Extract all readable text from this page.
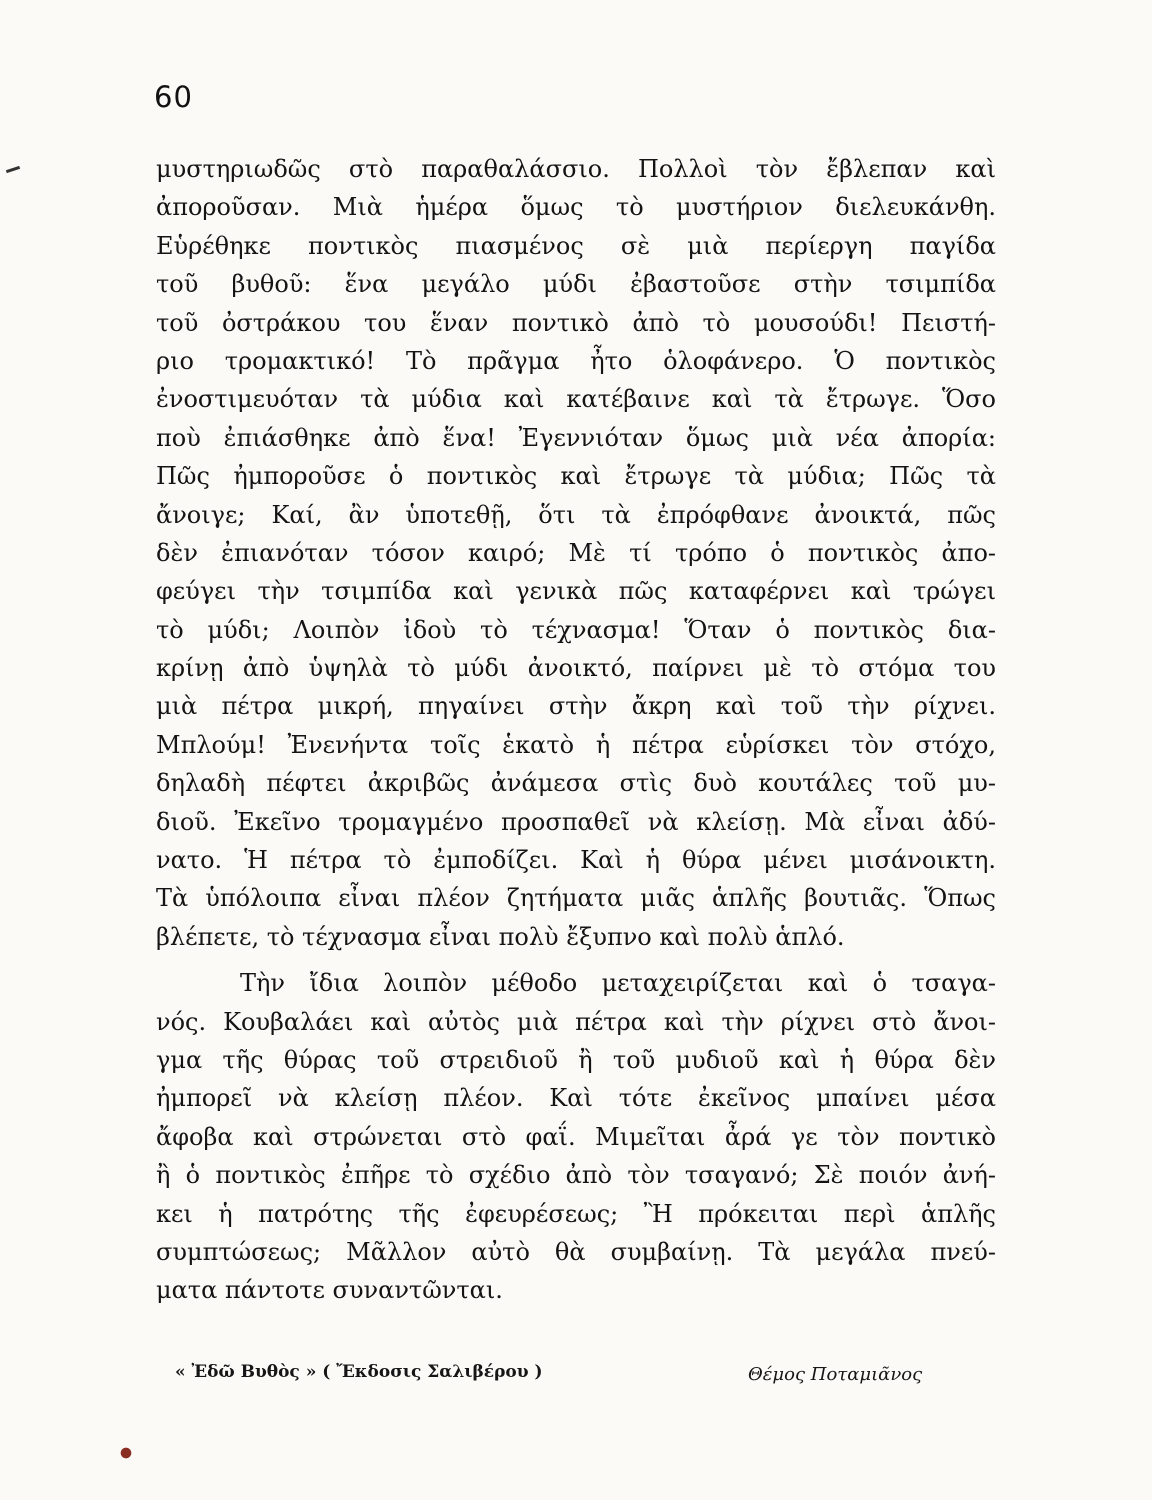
60
μυστηριωδῶς στὸ παραθαλάσσιο. Πολλοὶ τὸν ἔβλεπαν καὶ
ἀποροῦσαν. Μιὰ ἡμέρα ὅμως τὸ μυστήριον διελευκάνθη.
Εὑρέθηκε ποντικὸς πιασμένος σὲ μιὰ περίεργη παγίδα
τοῦ βυθοῦ: ἕνα μεγάλο μύδι ἐβαστοῦσε στὴν τσιμπίδα
τοῦ ὀστράκου του ἕναν ποντικὸ ἀπὸ τὸ μουσούδι! Πειστή-
ριο τρομακτικό! Τὸ πρᾶγμα ἦτο ὁλοφάνερο. Ὁ ποντικὸς
ἐνοστιμευόταν τὰ μύδια καὶ κατέβαινε καὶ τὰ ἔτρωγε. Ὅσο
ποὺ ἐπιάσθηκε ἀπὸ ἕνα! Ἐγεννιόταν ὅμως μιὰ νέα ἀπορία:
Πῶς ἠμποροῦσε ὁ ποντικὸς καὶ ἔτρωγε τὰ μύδια; Πῶς τὰ
ἄνοιγε; Καί, ἂν ὑποτεθῇ, ὅτι τὰ ἐπρόφθανε ἀνοικτά, πῶς
δὲν ἐπιανόταν τόσον καιρό; Μὲ τί τρόπο ὁ ποντικὸς ἀπο-
φεύγει τὴν τσιμπίδα καὶ γενικὰ πῶς καταφέρνει καὶ τρώγει
τὸ μύδι; Λοιπὸν ἰδοὺ τὸ τέχνασμα! Ὅταν ὁ ποντικὸς δια-
κρίνῃ ἀπὸ ὑψηλὰ τὸ μύδι ἀνοικτό, παίρνει μὲ τὸ στόμα του
μιὰ πέτρα μικρή, πηγαίνει στὴν ἄκρη καὶ τοῦ τὴν ρίχνει.
Μπλούμ! Ἐνενήντα τοῖς ἑκατὸ ἡ πέτρα εὑρίσκει τὸν στόχο,
δηλαδὴ πέφτει ἀκριβῶς ἀνάμεσα στὶς δυὸ κουτάλες τοῦ μυ-
διοῦ. Ἐκεῖνο τρομαγμένο προσπαθεῖ νὰ κλείσῃ. Μὰ εἶναι ἀδύ-
νατο. Ἡ πέτρα τὸ ἐμποδίζει. Καὶ ἡ θύρα μένει μισάνοικτη.
Τὰ ὑπόλοιπα εἶναι πλέον ζητήματα μιᾶς ἁπλῆς βουτιᾶς. Ὅπως
βλέπετε, τὸ τέχνασμα εἶναι πολὺ ἔξυπνο καὶ πολὺ ἁπλό.
Τὴν ἴδια λοιπὸν μέθοδο μεταχειρίζεται καὶ ὁ τσαγα-
νός. Κουβαλάει καὶ αὐτὸς μιὰ πέτρα καὶ τὴν ρίχνει στὸ ἄνοι-
γμα τῆς θύρας τοῦ στρειδιοῦ ἢ τοῦ μυδιοῦ καὶ ἡ θύρα δὲν
ἠμπορεῖ νὰ κλείσῃ πλέον. Καὶ τότε ἐκεῖνος μπαίνει μέσα
ἄφοβα καὶ στρώνεται στὸ φαΐ. Μιμεῖται ἆρά γε τὸν ποντικὸ
ἢ ὁ ποντικὸς ἐπῆρε τὸ σχέδιο ἀπὸ τὸν τσαγανό; Σὲ ποιόν ἀνή-
κει ἡ πατρότης τῆς ἐφευρέσεως; Ἢ πρόκειται περὶ ἁπλῆς
συμπτώσεως; Μᾶλλον αὐτὸ θὰ συμβαίνῃ. Τὰ μεγάλα πνεύ-
ματα πάντοτε συναντῶνται.
« Ἐδῶ Βυθὸς » ( Ἔκδοσις Σαλιβέρου )	Θέμος Ποταμιᾶνος
